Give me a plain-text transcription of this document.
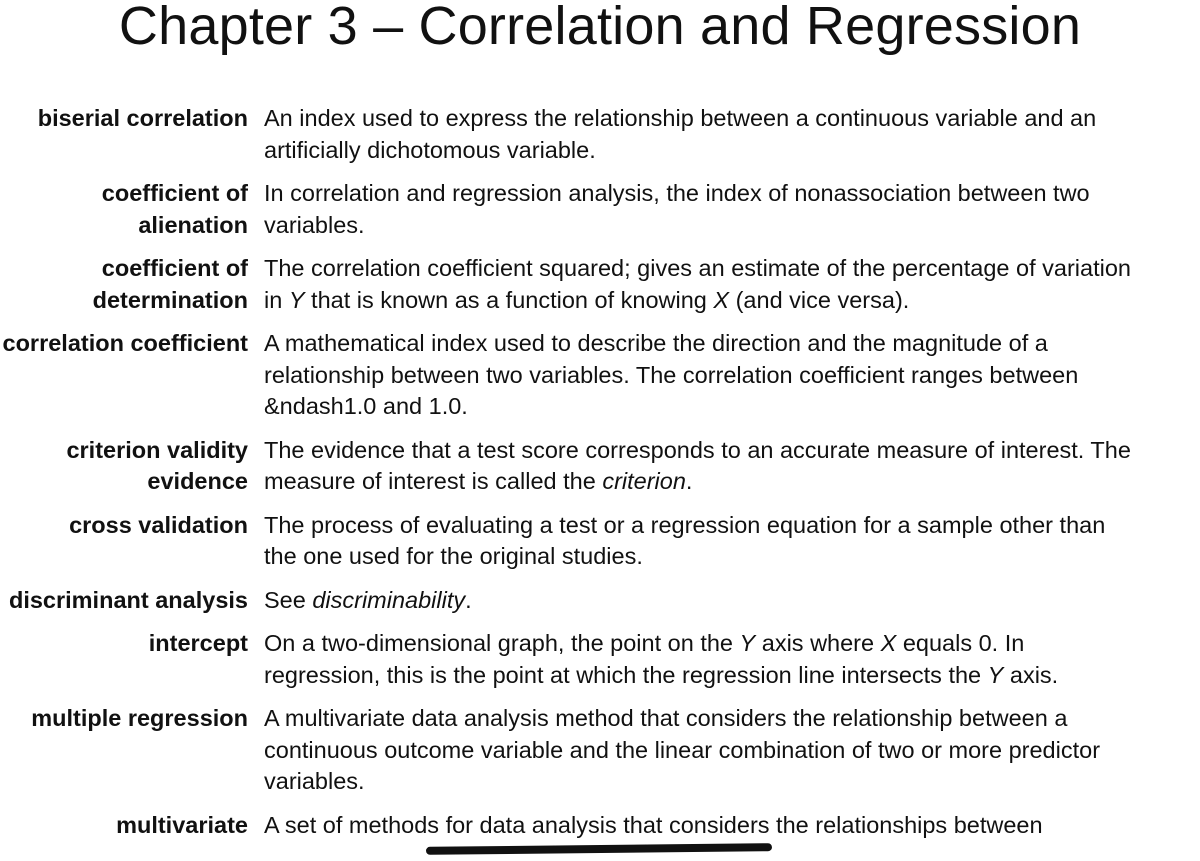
Chapter 3 – Correlation and Regression
biserial correlation An index used to express the relationship between a continuous variable and an artificially dichotomous variable.
coefficient of alienation
In correlation and regression analysis, the index of nonassociation between two variables.
coefficient of determination
The correlation coefficient squared; gives an estimate of the percentage of variation in Y that is known as a function of knowing X (and vice versa).
correlation coefficient A mathematical index used to describe the direction and the magnitude of a relationship between two variables. The correlation coefficient ranges between &ndash1.0 and 1.0.
criterion validity evidence
The evidence that a test score corresponds to an accurate measure of interest. The measure of interest is called the criterion.
cross validation The process of evaluating a test or a regression equation for a sample other than the one used for the original studies.
discriminant analysis See discriminability.
intercept On a two-dimensional graph, the point on the Y axis where X equals 0. In regression, this is the point at which the regression line intersects the Y axis.
multiple regression A multivariate data analysis method that considers the relationship between a continuous outcome variable and the linear combination of two or more predictor variables.
multivariate A set of methods for data analysis that considers the relationships between
